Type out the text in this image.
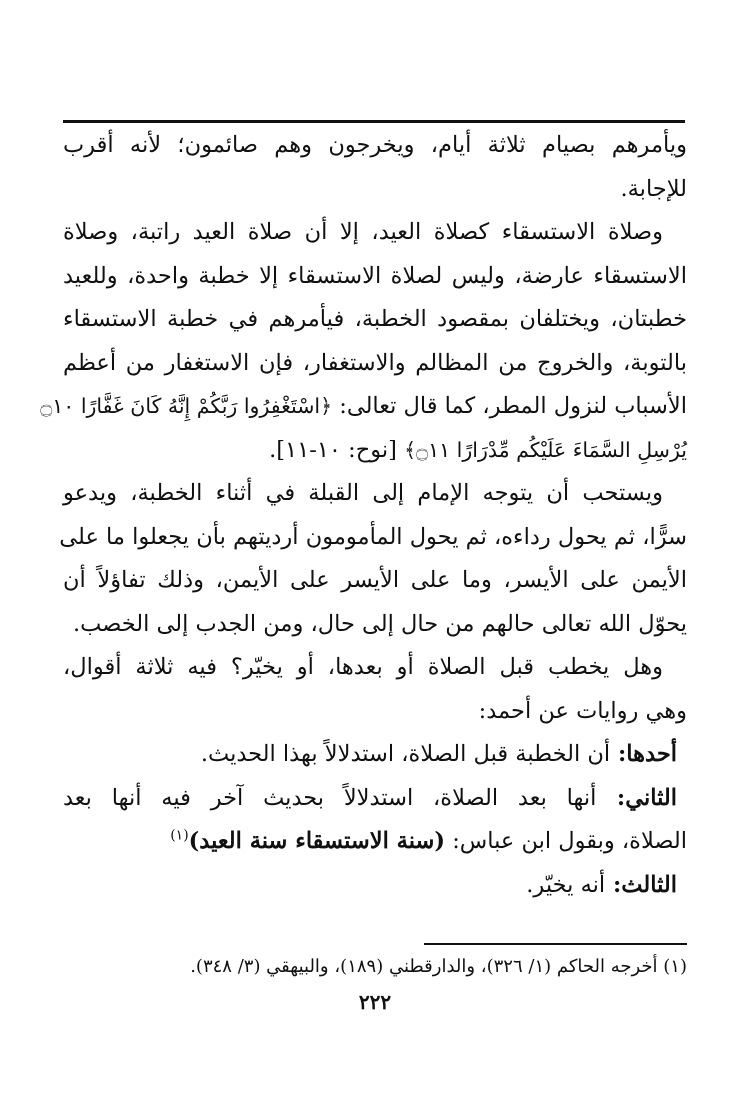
ويأمرهم بصيام ثلاثة أيام، ويخرجون وهم صائمون؛ لأنه أقرب
للإجابة.
وصلاة الاستسقاء كصلاة العيد، إلا أن صلاة العيد راتبة، وصلاة
الاستسقاء عارضة، وليس لصلاة الاستسقاء إلا خطبة واحدة، وللعيد
خطبتان، ويختلفان بمقصود الخطبة، فيأمرهم في خطبة الاستسقاء
بالتوبة، والخروج من المظالم والاستغفار، فإن الاستغفار من أعظم
الأسباب لنزول المطر، كما قال تعالى: ﴿اسْتَغْفِرُوا رَبَّكُمْ إِنَّهُ كَانَ غَفَّارًا ۝١٠
يُرْسِلِ السَّمَاءَ عَلَيْكُم مِّدْرَارًا ۝١١﴾ [نوح: ١٠-١١].
ويستحب أن يتوجه الإمام إلى القبلة في أثناء الخطبة، ويدعو
سرًّا، ثم يحول رداءه، ثم يحول المأمومون أرديتهم بأن يجعلوا ما على
الأيمن على الأيسر، وما على الأيسر على الأيمن، وذلك تفاؤلاً أن
يحوّل الله تعالى حالهم من حال إلى حال، ومن الجدب إلى الخصب.
وهل يخطب قبل الصلاة أو بعدها، أو يخيّر؟ فيه ثلاثة أقوال،
وهي روايات عن أحمد:
أحدها: أن الخطبة قبل الصلاة، استدلالاً بهذا الحديث.
الثاني: أنها بعد الصلاة، استدلالاً بحديث آخر فيه أنها بعد
الصلاة، وبقول ابن عباس: (سنة الاستسقاء سنة العيد)$^{(١)}$
الثالث: أنه يخيّر.
(١) أخرجه الحاكم (١/ ٣٢٦)، والدارقطني (١٨٩)، والبيهقي (٣/ ٣٤٨).
٢٢٢
